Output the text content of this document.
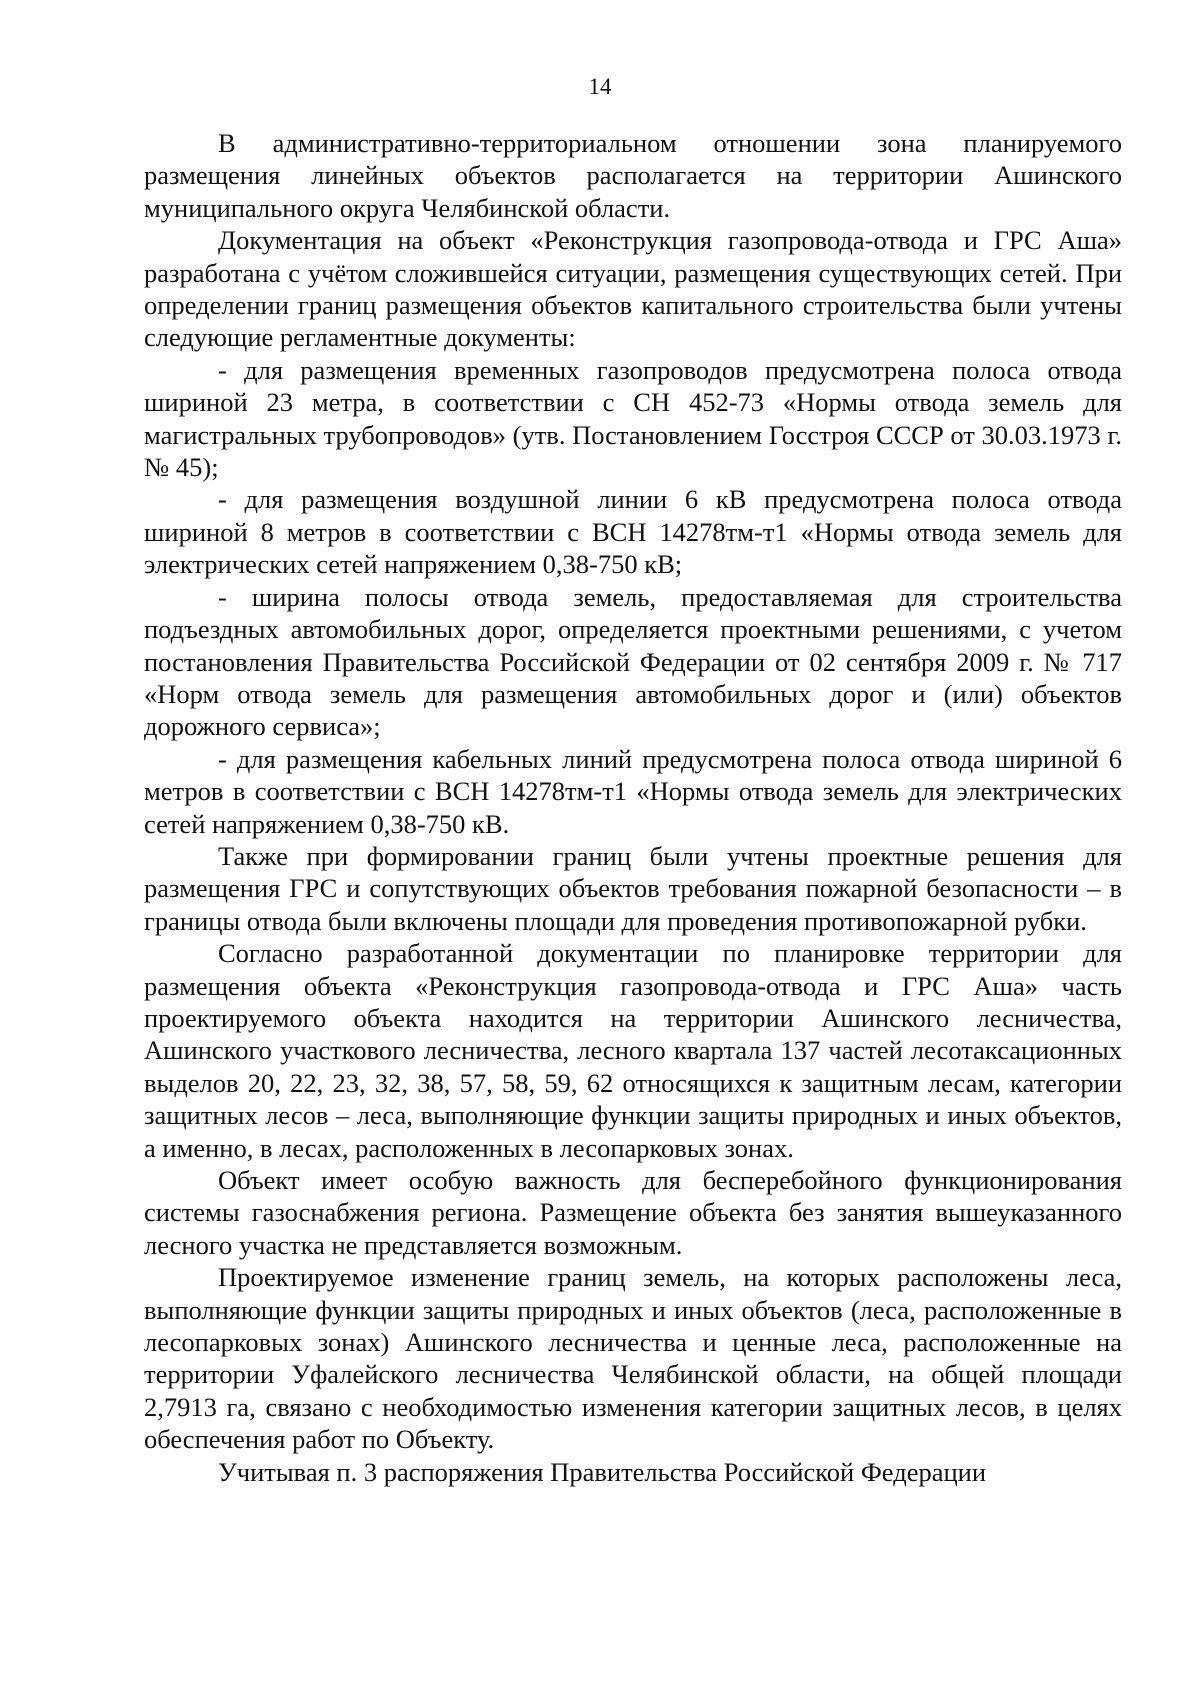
14

В административно-территориальном отношении зона планируемого размещения линейных объектов располагается на территории Ашинского муниципального округа Челябинской области.

Документация на объект «Реконструкция газопровода-отвода и ГРС Аша» разработана с учётом сложившейся ситуации, размещения существующих сетей. При определении границ размещения объектов капитального строительства были учтены следующие регламентные документы:

- для размещения временных газопроводов предусмотрена полоса отвода шириной 23 метра, в соответствии с СН 452-73 «Нормы отвода земель для магистральных трубопроводов» (утв. Постановлением Госстроя СССР от 30.03.1973 г. № 45);

- для размещения воздушной линии 6 кВ предусмотрена полоса отвода шириной 8 метров в соответствии с ВСН 14278тм-т1 «Нормы отвода земель для электрических сетей напряжением 0,38-750 кВ;

- ширина полосы отвода земель, предоставляемая для строительства подъездных автомобильных дорог, определяется проектными решениями, с учетом постановления Правительства Российской Федерации от 02 сентября 2009 г. № 717 «Норм отвода земель для размещения автомобильных дорог и (или) объектов дорожного сервиса»;

- для размещения кабельных линий предусмотрена полоса отвода шириной 6 метров в соответствии с ВСН 14278тм-т1 «Нормы отвода земель для электрических сетей напряжением 0,38-750 кВ.

Также при формировании границ были учтены проектные решения для размещения ГРС и сопутствующих объектов требования пожарной безопасности – в границы отвода были включены площади для проведения противопожарной рубки.

Согласно разработанной документации по планировке территории для размещения объекта «Реконструкция газопровода-отвода и ГРС Аша» часть проектируемого объекта находится на территории Ашинского лесничества, Ашинского участкового лесничества, лесного квартала 137 частей лесотаксационных выделов 20, 22, 23, 32, 38, 57, 58, 59, 62 относящихся к защитным лесам, категории защитных лесов – леса, выполняющие функции защиты природных и иных объектов, а именно, в лесах, расположенных в лесопарковых зонах.

Объект имеет особую важность для бесперебойного функционирования системы газоснабжения региона. Размещение объекта без занятия вышеуказанного лесного участка не представляется возможным.

Проектируемое изменение границ земель, на которых расположены леса, выполняющие функции защиты природных и иных объектов (леса, расположенные в лесопарковых зонах) Ашинского лесничества и ценные леса, расположенные на территории Уфалейского лесничества Челябинской области, на общей площади 2,7913 га, связано с необходимостью изменения категории защитных лесов, в целях обеспечения работ по Объекту.

Учитывая п. 3 распоряжения Правительства Российской Федерации
